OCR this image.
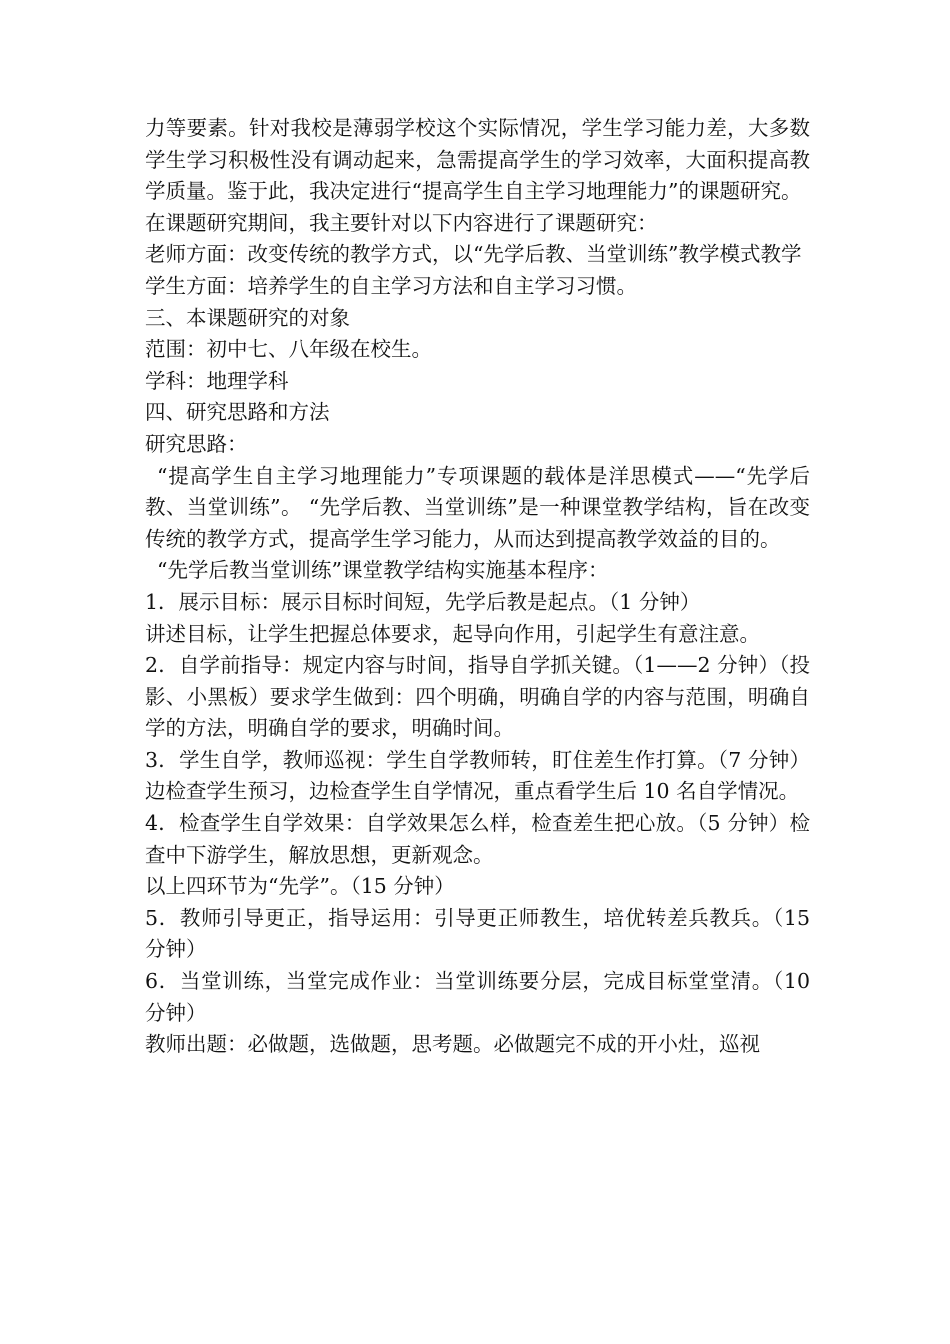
力等要素。针对我校是薄弱学校这个实际情况，学生学习能力差，大多数学生学习积极性没有调动起来，急需提高学生的学习效率，大面积提高教学质量。鉴于此，我决定进行“提高学生自主学习地理能力”的课题研究。

在课题研究期间，我主要针对以下内容进行了课题研究：

老师方面：改变传统的教学方式，以“先学后教、当堂训练”教学模式教学

学生方面：培养学生的自主学习方法和自主学习习惯。

三、本课题研究的对象

范围：初中七、八年级在校生。

学科：地理学科

四、研究思路和方法

研究思路：

“提高学生自主学习地理能力”专项课题的载体是洋思模式——“先学后教、当堂训练”。 “先学后教、当堂训练”是一种课堂教学结构，旨在改变传统的教学方式，提高学生学习能力，从而达到提高教学效益的目的。

“先学后教当堂训练”课堂教学结构实施基本程序：

1．展示目标：展示目标时间短，先学后教是起点。（1 分钟）

讲述目标，让学生把握总体要求，起导向作用，引起学生有意注意。

2．自学前指导：规定内容与时间，指导自学抓关键。（1——2 分钟）（投影、小黑板）要求学生做到：四个明确，明确自学的内容与范围，明确自学的方法，明确自学的要求，明确时间。

3．学生自学，教师巡视：学生自学教师转，盯住差生作打算。（7 分钟）边检查学生预习，边检查学生自学情况，重点看学生后 10 名自学情况。

4．检查学生自学效果：自学效果怎么样，检查差生把心放。（5 分钟）检查中下游学生，解放思想，更新观念。

以上四环节为“先学”。（15 分钟）

5．教师引导更正，指导运用：引导更正师教生，培优转差兵教兵。（15 分钟）

6．当堂训练，当堂完成作业：当堂训练要分层，完成目标堂堂清。（10 分钟）

教师出题：必做题，选做题，思考题。必做题完不成的开小灶，巡视
